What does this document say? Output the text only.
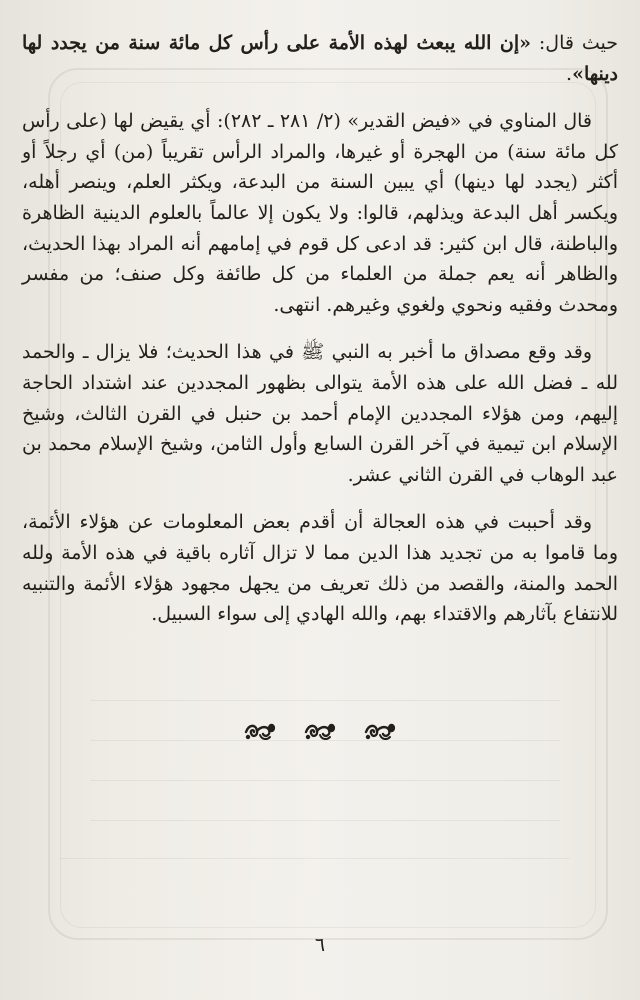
حيث قال: «إن الله يبعث لهذه الأمة على رأس كل مائة سنة من يجدد لها دينها».

قال المناوي في «فيض القدير» (٢/ ٢٨١ ـ ٢٨٢): أي يقيض لها (على رأس كل مائة سنة) من الهجرة أو غيرها، والمراد الرأس تقريباً (من) أي رجلاً أو أكثر (يجدد لها دينها) أي يبين السنة من البدعة، ويكثر العلم، وينصر أهله، ويكسر أهل البدعة ويذلهم، قالوا: ولا يكون إلا عالماً بالعلوم الدينية الظاهرة والباطنة، قال ابن كثير: قد ادعى كل قوم في إمامهم أنه المراد بهذا الحديث، والظاهر أنه يعم جملة من العلماء من كل طائفة وكل صنف؛ من مفسر ومحدث وفقيه ونحوي ولغوي وغيرهم. انتهى.

وقد وقع مصداق ما أخبر به النبي ﷺ في هذا الحديث؛ فلا يزال ـ والحمد لله ـ فضل الله على هذه الأمة يتوالى بظهور المجددين عند اشتداد الحاجة إليهم، ومن هؤلاء المجددين الإمام أحمد بن حنبل في القرن الثالث، وشيخ الإسلام ابن تيمية في آخر القرن السابع وأول الثامن، وشيخ الإسلام محمد بن عبد الوهاب في القرن الثاني عشر.

وقد أحببت في هذه العجالة أن أقدم بعض المعلومات عن هؤلاء الأئمة، وما قاموا به من تجديد هذا الدين مما لا تزال آثاره باقية في هذه الأمة ولله الحمد والمنة، والقصد من ذلك تعريف من يجهل مجهود هؤلاء الأئمة والتنبيه للانتفاع بآثارهم والاقتداء بهم، والله الهادي إلى سواء السبيل.

٦
